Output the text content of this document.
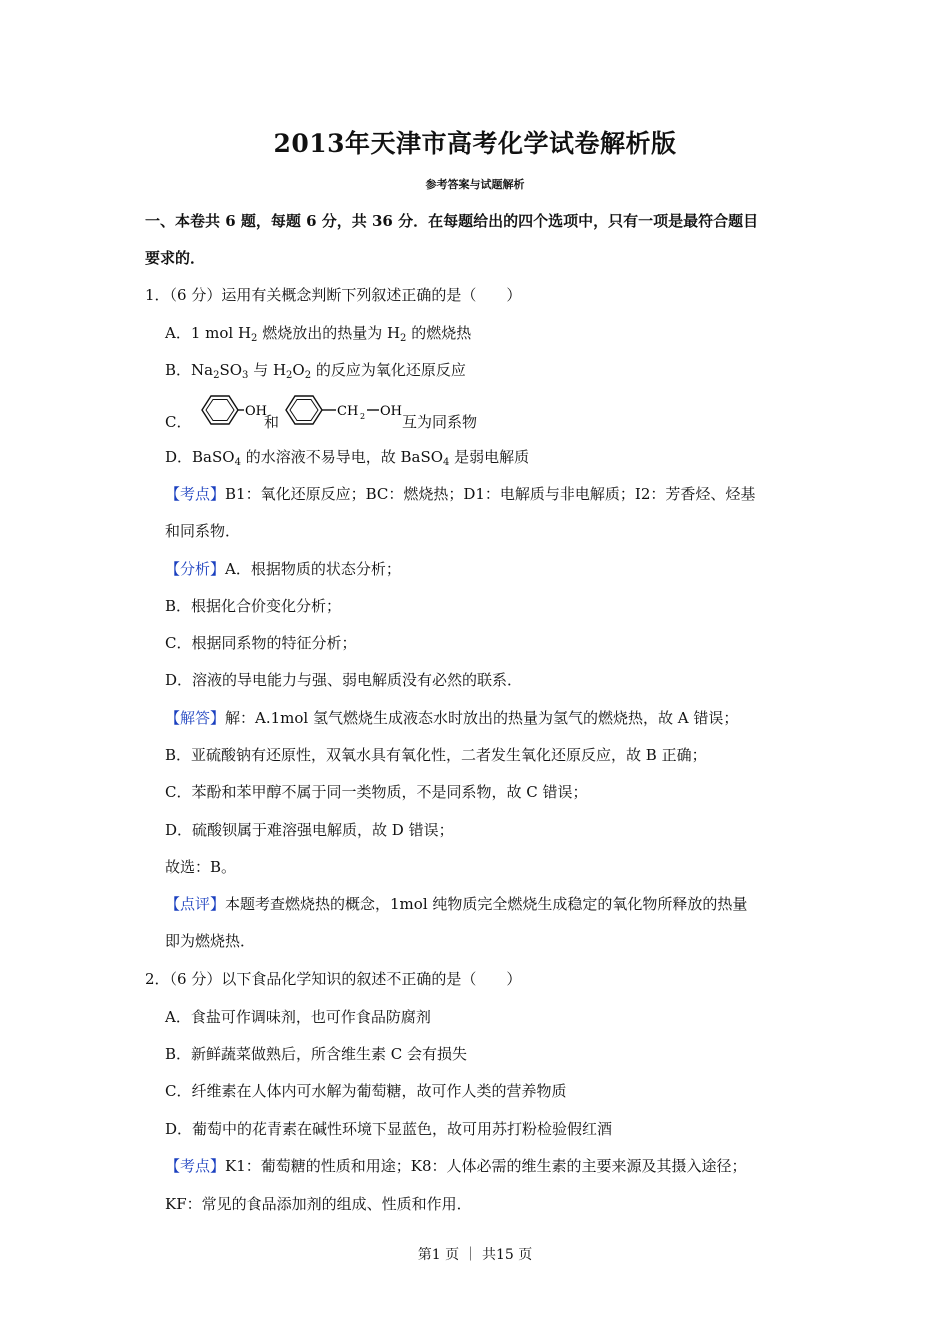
2013年天津市高考化学试卷解析版
参考答案与试题解析
一、本卷共 6 题，每题 6 分，共 36 分．在每题给出的四个选项中，只有一项是最符合题目
要求的．
1．（6 分）运用有关概念判断下列叙述正确的是（　　）
A．1 mol $H_2$ 燃烧放出的热量为 $H_2$ 的燃烧热
B．$Na_2SO_3$ 与 $H_2O_2$ 的反应为氧化还原反应
C．
OH
和
CH 2 OH
互为同系物
D．BaSO$_4$ 的水溶液不易导电，故 BaSO$_4$ 是弱电解质
【考点】B1：氧化还原反应；BC：燃烧热；D1：电解质与非电解质；I2：芳香烃、烃基
和同系物．
【分析】A．根据物质的状态分析；
B．根据化合价变化分析；
C．根据同系物的特征分析；
D．溶液的导电能力与强、弱电解质没有必然的联系．
【解答】解：A.1mol 氢气燃烧生成液态水时放出的热量为氢气的燃烧热，故 A 错误；
B．亚硫酸钠有还原性，双氧水具有氧化性，二者发生氧化还原反应，故 B 正确；
C．苯酚和苯甲醇不属于同一类物质，不是同系物，故 C 错误；
D．硫酸钡属于难溶强电解质，故 D 错误；
故选：B。
【点评】本题考查燃烧热的概念，1mol 纯物质完全燃烧生成稳定的氧化物所释放的热量
即为燃烧热．
2．（6 分）以下食品化学知识的叙述不正确的是（　　）
A．食盐可作调味剂，也可作食品防腐剂
B．新鲜蔬菜做熟后，所含维生素 C 会有损失
C．纤维素在人体内可水解为葡萄糖，故可作人类的营养物质
D．葡萄中的花青素在碱性环境下显蓝色，故可用苏打粉检验假红酒
【考点】K1：葡萄糖的性质和用途；K8：人体必需的维生素的主要来源及其摄入途径；
KF：常见的食品添加剂的组成、性质和作用．
第1 页 ｜ 共15 页
